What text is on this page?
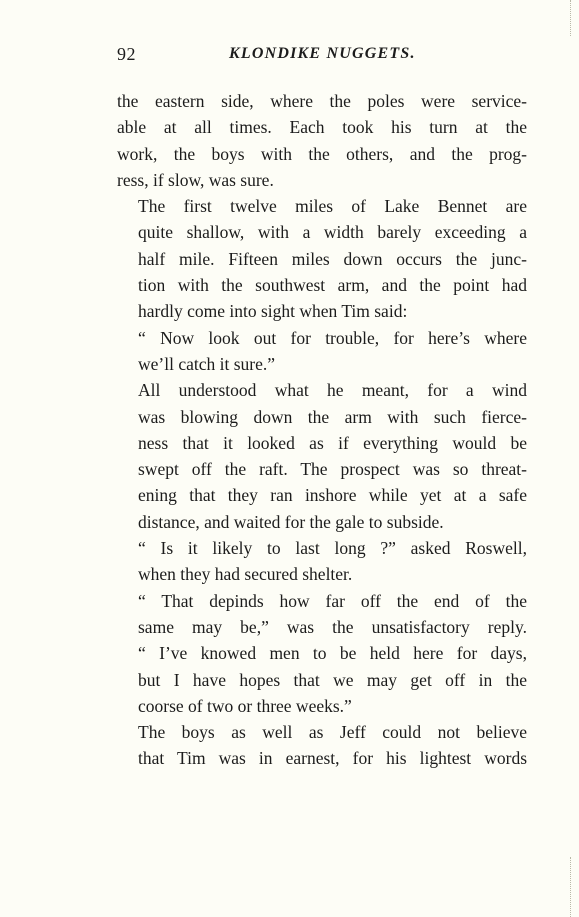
92	KLONDIKE NUGGETS.
the eastern side, where the poles were service-
able at all times. Each took his turn at the
work, the boys with the others, and the prog-
ress, if slow, was sure.
The first twelve miles of Lake Bennet are
quite shallow, with a width barely exceeding a
half mile. Fifteen miles down occurs the junc-
tion with the southwest arm, and the point had
hardly come into sight when Tim said:
“ Now look out for trouble, for here’s where
we’ll catch it sure.”
All understood what he meant, for a wind
was blowing down the arm with such fierce-
ness that it looked as if everything would be
swept off the raft. The prospect was so threat-
ening that they ran inshore while yet at a safe
distance, and waited for the gale to subside.
“ Is it likely to last long ?” asked Roswell,
when they had secured shelter.
“ That depinds how far off the end of the
same may be,” was the unsatisfactory reply.
“ I’ve knowed men to be held here for days,
but I have hopes that we may get off in the
coorse of two or three weeks.”
The boys as well as Jeff could not believe
that Tim was in earnest, for his lightest words
